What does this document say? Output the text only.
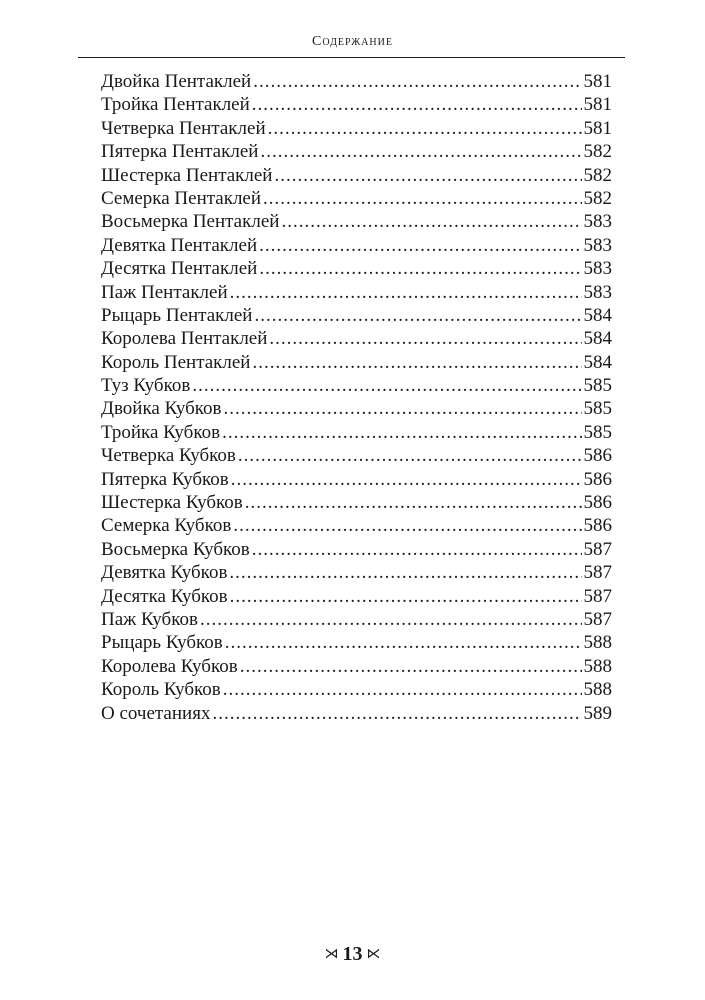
Содержание
Двойка Пентаклей .....	581
Тройка Пентаклей .....	581
Четверка Пентаклей .....	581
Пятерка Пентаклей .....	582
Шестерка Пентаклей .....	582
Семерка Пентаклей .....	582
Восьмерка Пентаклей .....	583
Девятка Пентаклей .....	583
Десятка Пентаклей .....	583
Паж Пентаклей .....	583
Рыцарь Пентаклей .....	584
Королева Пентаклей .....	584
Король Пентаклей .....	584
Туз Кубков .....	585
Двойка Кубков .....	585
Тройка Кубков .....	585
Четверка Кубков .....	586
Пятерка Кубков .....	586
Шестерка Кубков .....	586
Семерка Кубков .....	586
Восьмерка Кубков .....	587
Девятка Кубков .....	587
Десятка Кубков .....	587
Паж Кубков .....	587
Рыцарь Кубков .....	588
Королева Кубков .....	588
Король Кубков .....	588
О сочетаниях .....	589
⋊ 13 ⋉
